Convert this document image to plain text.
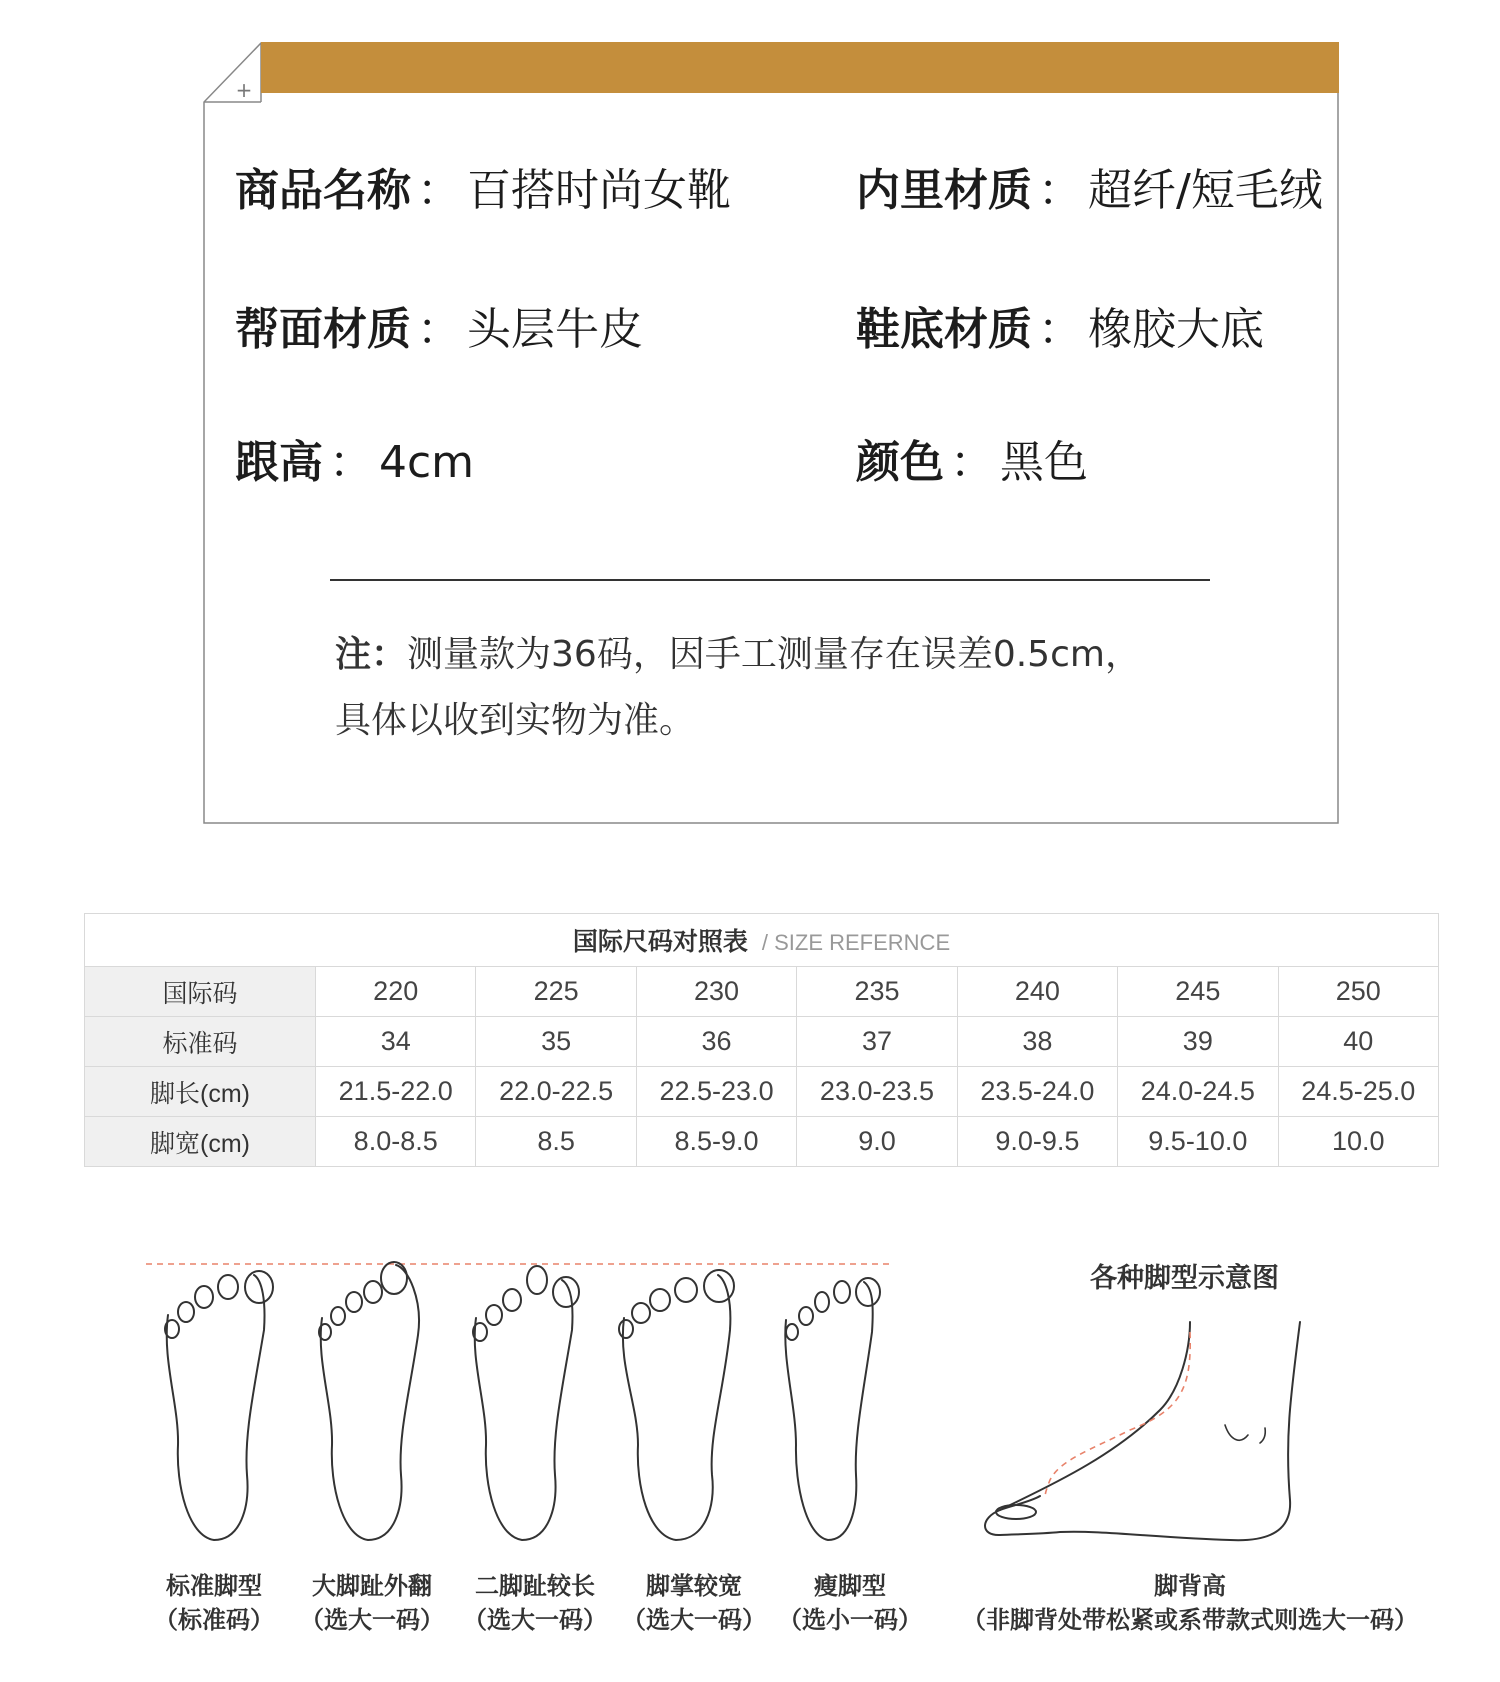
+
商品名称 ： 百搭时尚女靴	内里材质 ： 超纤/短毛绒
帮面材质 ： 头层牛皮	鞋底材质 ： 橡胶大底
跟高 ： 4cm	颜色 ： 黑色
注：测量款为36码，因手工测量存在误差0.5cm，
具体以收到实物为准。
国际尺码对照表 / SIZE REFERNCE							
国际码	220	225	230	235	240	245	250
标准码	34	35	36	37	38	39	40
脚长(cm)	21.5-22.0	22.0-22.5	22.5-23.0	23.0-23.5	23.5-24.0	24.0-24.5	24.5-25.0
脚宽(cm)	8.0-8.5	8.5	8.5-9.0	9.0	9.0-9.5	9.5-10.0	10.0
各种脚型示意图
标准脚型
（标准码）
大脚趾外翻
（选大一码）
二脚趾较长
（选大一码）
脚掌较宽
（选大一码）
瘦脚型
（选小一码）
脚背高
（非脚背处带松紧或系带款式则选大一码）
